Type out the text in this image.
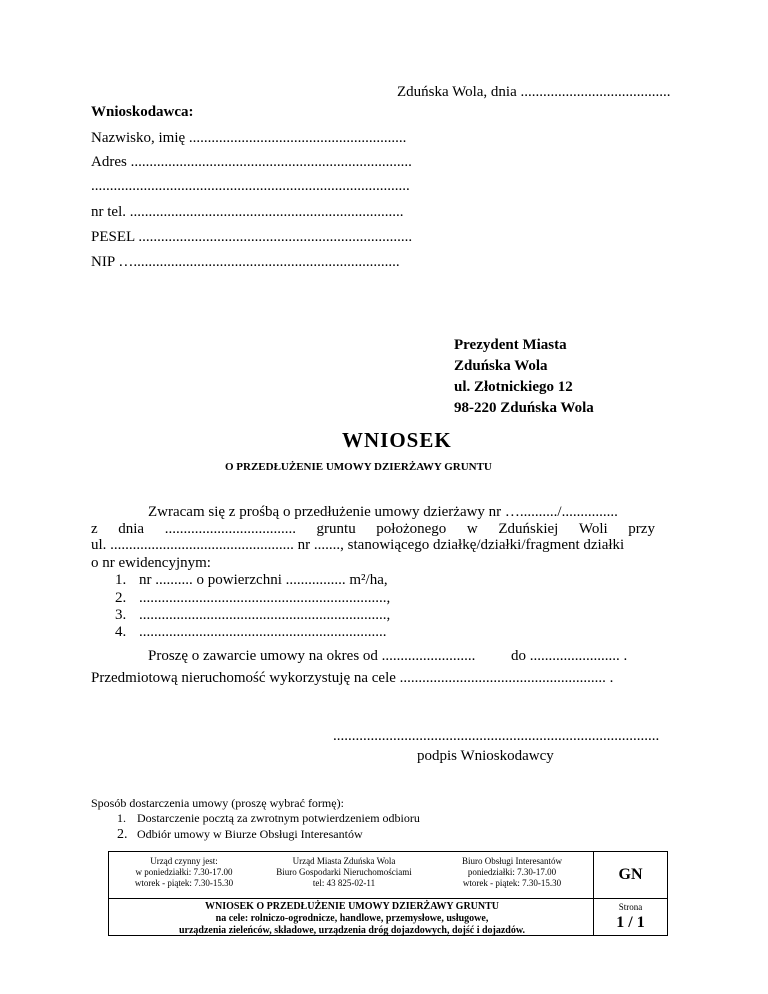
Zduńska Wola, dnia ........................................
Wnioskodawca:
Nazwisko, imię ..........................................................
Adres ...........................................................................
.....................................................................................
nr tel. .........................................................................
PESEL .........................................................................
NIP ….......................................................................
Prezydent Miasta
Zduńska Wola
ul. Złotnickiego 12
98-220 Zduńska Wola
WNIOSEK
O PRZEDŁUŻENIE UMOWY DZIERŻAWY GRUNTU
Zwracam się z prośbą o przedłużenie umowy dzierżawy nr …........../...............
z dnia ................................... gruntu położonego w Zduńskiej Woli przy
ul. ................................................. nr ......., stanowiącego działkę/działki/fragment działki
o nr ewidencyjnym:
1. nr .......... o powierzchni ................ m²/ha,
2. ..................................................................,
3. ..................................................................,
4. ..................................................................
Proszę o zawarcie umowy na okres od ......................... do ........................ .
Przedmiotową nieruchomość wykorzystuję na cele ....................................................... .
.......................................................................................
podpis Wnioskodawcy
Sposób dostarczenia umowy (proszę wybrać formę):
1. Dostarczenie pocztą za zwrotnym potwierdzeniem odbioru
2. Odbiór umowy w Biurze Obsługi Interesantów
Urząd czynny jest:
w poniedziałki: 7.30-17.00
wtorek - piątek: 7.30-15.30
Urząd Miasta Zduńska Wola
Biuro Gospodarki Nieruchomościami
tel: 43 825-02-11
Biuro Obsługi Interesantów
poniedziałki: 7.30-17.00
wtorek - piątek: 7.30-15.30	GN
WNIOSEK O PRZEDŁUŻENIE UMOWY DZIERŻAWY GRUNTU
na cele: rolniczo-ogrodnicze, handlowe, przemysłowe, usługowe,
urządzenia zieleńców, składowe, urządzenia dróg dojazdowych, dojść i dojazdów.
Strona
1 / 1
